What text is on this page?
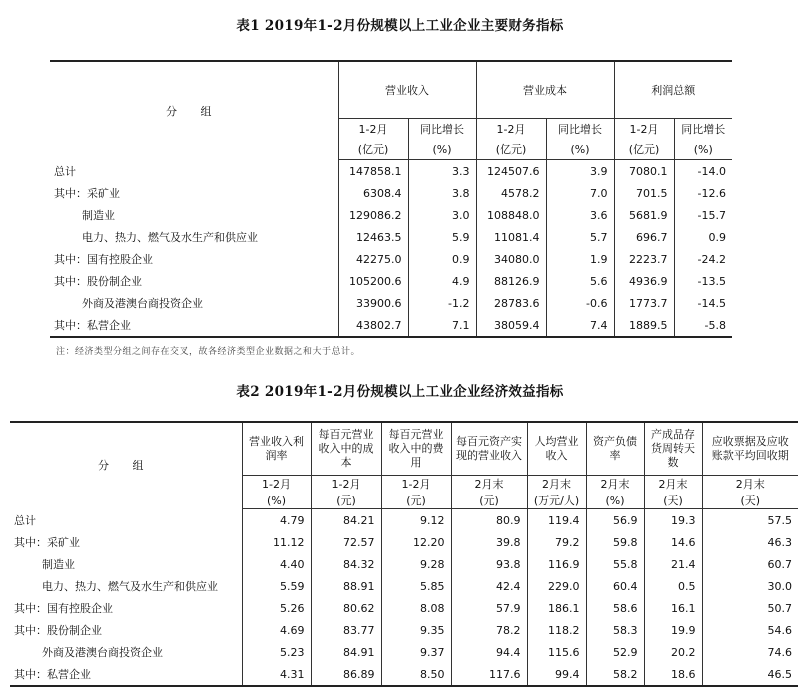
表1 2019年1-2月份规模以上工业企业主要财务指标
分 组	营业收入		营业成本		利润总额	
	1-2月	同比增长	1-2月	同比增长	1-2月	同比增长
	(亿元)	(%)	(亿元)	(%)	(亿元)	(%)
总计	147858.1	3.3	124507.6	3.9	7080.1	-14.0
其中：采矿业	6308.4	3.8	4578.2	7.0	701.5	-12.6
制造业	129086.2	3.0	108848.0	3.6	5681.9	-15.7
电力、热力、燃气及水生产和供应业	12463.5	5.9	11081.4	5.7	696.7	0.9
其中：国有控股企业	42275.0	0.9	34080.0	1.9	2223.7	-24.2
其中：股份制企业	105200.6	4.9	88126.9	5.6	4936.9	-13.5
外商及港澳台商投资企业	33900.6	-1.2	28783.6	-0.6	1773.7	-14.5
其中：私营企业	43802.7	7.1	38059.4	7.4	1889.5	-5.8
注：经济类型分组之间存在交叉，故各经济类型企业数据之和大于总计。
表2 2019年1-2月份规模以上工业企业经济效益指标
分 组	营业收入利润率	每百元营业收入中的成本	每百元营业收入中的费用	每百元资产实现的营业收入	人均营业收入	资产负债率	产成品存货周转天数	应收票据及应收账款平均回收期
	1-2月	1-2月	1-2月	2月末	2月末	2月末	2月末	2月末
	(%)	(元)	(元)	(元)	(万元/人)	(%)	(天)	(天)
总计	4.79	84.21	9.12	80.9	119.4	56.9	19.3	57.5
其中：采矿业	11.12	72.57	12.20	39.8	79.2	59.8	14.6	46.3
制造业	4.40	84.32	9.28	93.8	116.9	55.8	21.4	60.7
电力、热力、燃气及水生产和供应业	5.59	88.91	5.85	42.4	229.0	60.4	0.5	30.0
其中：国有控股企业	5.26	80.62	8.08	57.9	186.1	58.6	16.1	50.7
其中：股份制企业	4.69	83.77	9.35	78.2	118.2	58.3	19.9	54.6
外商及港澳台商投资企业	5.23	84.91	9.37	94.4	115.6	52.9	20.2	74.6
其中：私营企业	4.31	86.89	8.50	117.6	99.4	58.2	18.6	46.5
